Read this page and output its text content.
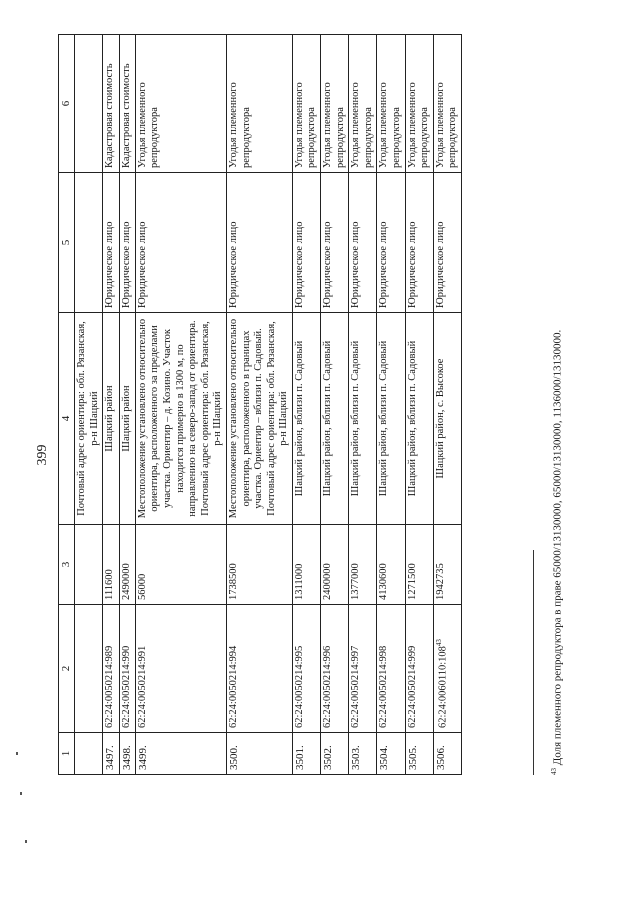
399
1	2	3	4	5	6
			Почтовый адрес ориентира: обл. Рязанская, р-н Шацкий		
3497.	62:24:0050214:989	111600	Шацкий район	Юридическое лицо	Кадастровая стоимость
3498.	62:24:0050214:990	2490000	Шацкий район	Юридическое лицо	Кадастровая стоимость
3499.	62:24:0050214:991	56000	Местоположение установлено относительно ориентира, расположенного за пределами участка. Ориентир – д. Козино. Участок находится примерно в 1300 м, по направлению на северо-запад от ориентира. Почтовый адрес ориентира: обл. Рязанская, р-н Шацкий	Юридическое лицо	Угодья племенного репродуктора
3500.	62:24:0050214:994	1738500	Местоположение установлено относительно ориентира, расположенного в границах участка. Ориентир – вблизи п. Садовый. Почтовый адрес ориентира: обл. Рязанская, р-н Шацкий	Юридическое лицо	Угодья племенного репродуктора
3501.	62:24:0050214:995	1311000	Шацкий район, вблизи п. Садовый	Юридическое лицо	Угодья племенного репродуктора
3502.	62:24:0050214:996	2400000	Шацкий район, вблизи п. Садовый	Юридическое лицо	Угодья племенного репродуктора
3503.	62:24:0050214:997	1377000	Шацкий район, вблизи п. Садовый	Юридическое лицо	Угодья племенного репродуктора
3504.	62:24:0050214:998	4130600	Шацкий район, вблизи п. Садовый	Юридическое лицо	Угодья племенного репродуктора
3505.	62:24:0050214:999	1271500	Шацкий район, вблизи п. Садовый	Юридическое лицо	Угодья племенного репродуктора
3506.	$62:24:0060110:108^{43}$	1942735	Шацкий район, с. Высокое	Юридическое лицо	Угодья племенного репродуктора
$^{43}$ Доля племенного репродуктора в праве 65000/13130000, 65000/13130000, 1136000/13130000.
